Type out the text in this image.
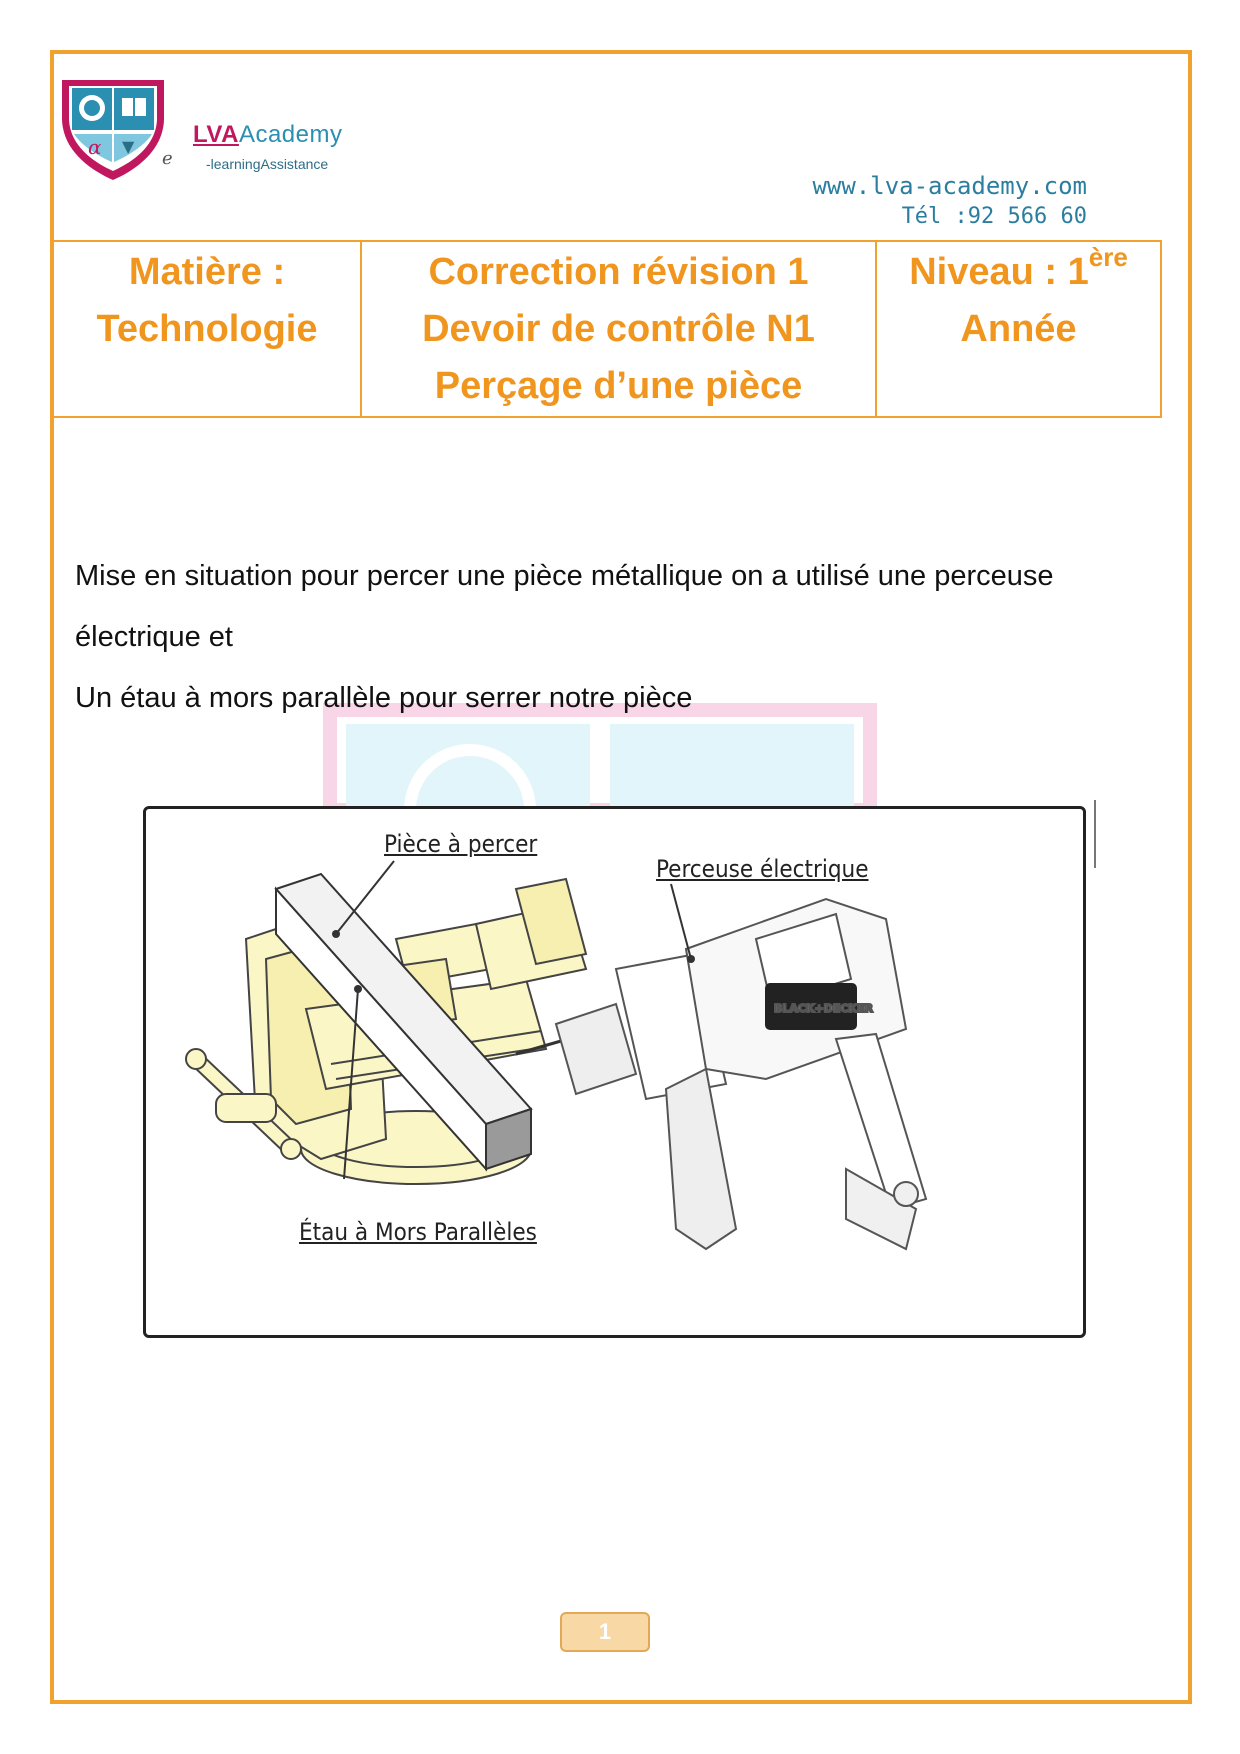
α ▼
e
LVAAcademy
-learningAssistance
www.lva-academy.com
Tél :92 566 60
Matière :
Technologie

Correction révision 1
Devoir de contrôle N1
Perçage d’une pièce

Niveau : 1ère
Année

Mise en situation pour percer une pièce métallique on a utilisé une perceuse

électrique et

Un étau à mors parallèle pour serrer notre pièce

BLACK+DECKER
Pièce à percer
Perceuse électrique
Étau à Mors Parallèles
1
